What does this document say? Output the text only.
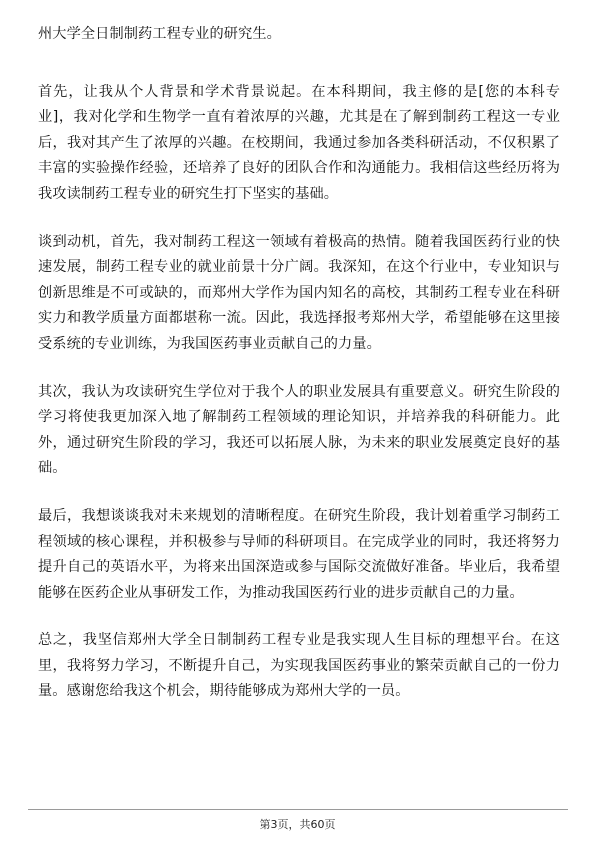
州大学全日制制药工程专业的研究生。

首先，让我从个人背景和学术背景说起。在本科期间，我主修的是[您的本科专业]，我对化学和生物学一直有着浓厚的兴趣，尤其是在了解到制药工程这一专业后，我对其产生了浓厚的兴趣。在校期间，我通过参加各类科研活动，不仅积累了丰富的实验操作经验，还培养了良好的团队合作和沟通能力。我相信这些经历将为我攻读制药工程专业的研究生打下坚实的基础。

谈到动机，首先，我对制药工程这一领域有着极高的热情。随着我国医药行业的快速发展，制药工程专业的就业前景十分广阔。我深知，在这个行业中，专业知识与创新思维是不可或缺的，而郑州大学作为国内知名的高校，其制药工程专业在科研实力和教学质量方面都堪称一流。因此，我选择报考郑州大学，希望能够在这里接受系统的专业训练，为我国医药事业贡献自己的力量。

其次，我认为攻读研究生学位对于我个人的职业发展具有重要意义。研究生阶段的学习将使我更加深入地了解制药工程领域的理论知识，并培养我的科研能力。此外，通过研究生阶段的学习，我还可以拓展人脉，为未来的职业发展奠定良好的基础。

最后，我想谈谈我对未来规划的清晰程度。在研究生阶段，我计划着重学习制药工程领域的核心课程，并积极参与导师的科研项目。在完成学业的同时，我还将努力提升自己的英语水平，为将来出国深造或参与国际交流做好准备。毕业后，我希望能够在医药企业从事研发工作，为推动我国医药行业的进步贡献自己的力量。

总之，我坚信郑州大学全日制制药工程专业是我实现人生目标的理想平台。在这里，我将努力学习，不断提升自己，为实现我国医药事业的繁荣贡献自己的一份力量。感谢您给我这个机会，期待能够成为郑州大学的一员。

第3页，共60页
